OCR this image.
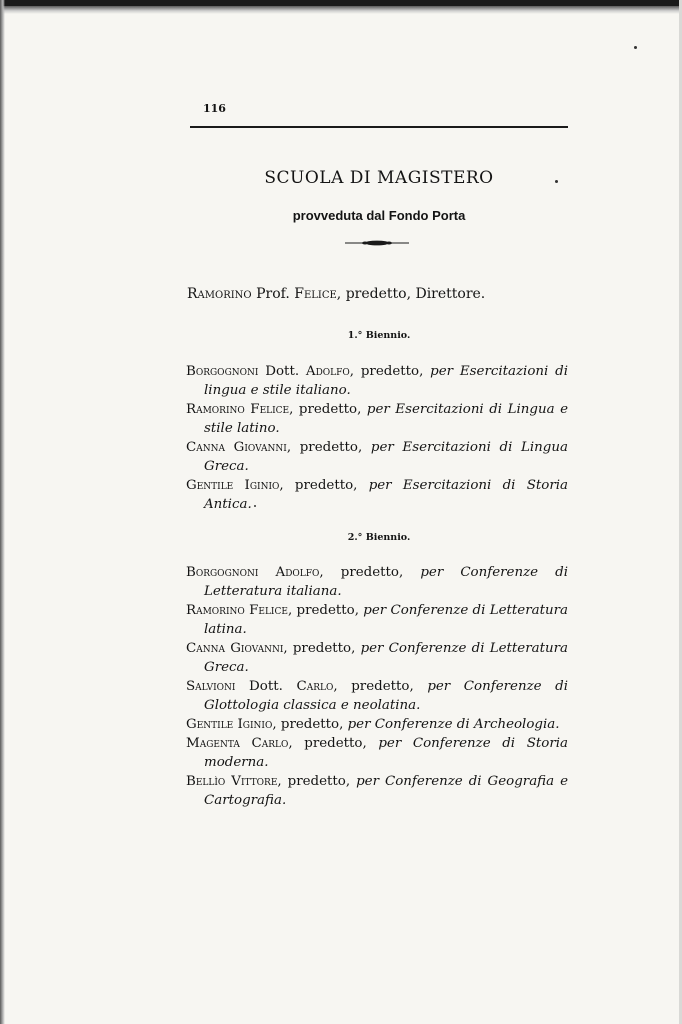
116
SCUOLA DI MAGISTERO
provveduta dal Fondo Porta
Ramorino Prof. Felice, predetto, Direttore.
1.° Biennio.
Borgognoni Dott. Adolfo, predetto, per Esercitazioni di lingua e stile italiano.
Ramorino Felice, predetto, per Esercitazioni di Lingua e stile latino.
Canna Giovanni, predetto, per Esercitazioni di Lingua Greca.
Gentile Iginio, predetto, per Esercitazioni di Storia Antica.
2.° Biennio.
Borgognoni Adolfo, predetto, per Conferenze di Letteratura italiana.
Ramorino Felice, predetto, per Conferenze di Letteratura latina.
Canna Giovanni, predetto, per Conferenze di Letteratura Greca.
Salvioni Dott. Carlo, predetto, per Conferenze di Glottologia classica e neolatina.
Gentile Iginio, predetto, per Conferenze di Archeologia.
Magenta Carlo, predetto, per Conferenze di Storia moderna.
Bellìo Vittore, predetto, per Conferenze di Geografia e Cartografia.
